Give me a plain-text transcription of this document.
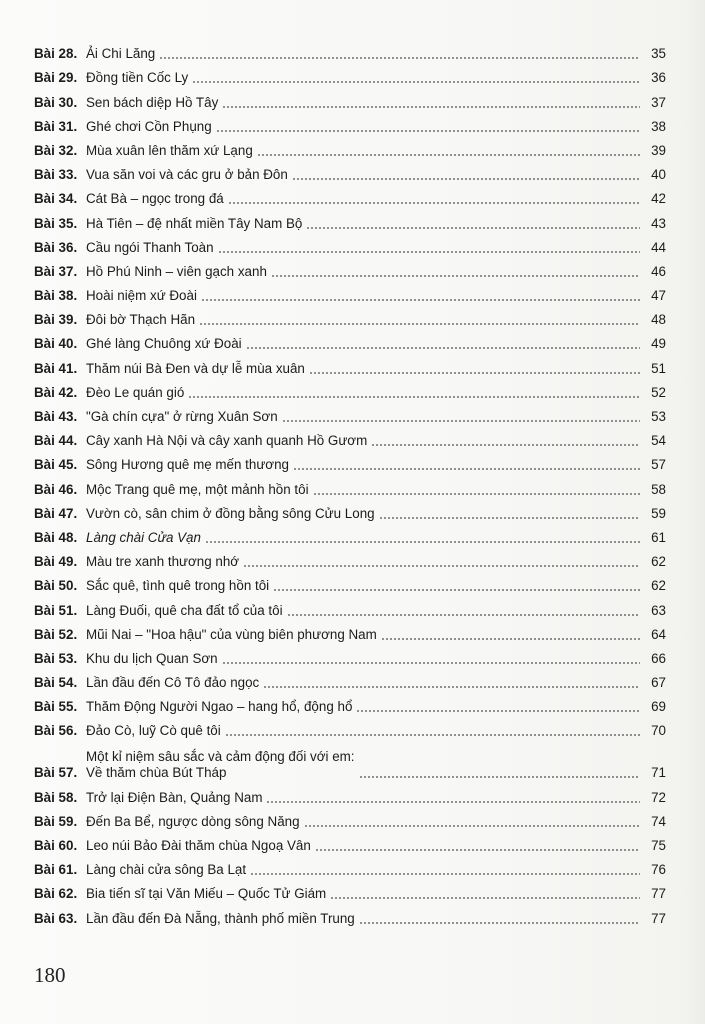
Bài 28. Ải Chi Lăng	35
Bài 29. Đồng tiền Cốc Ly	36
Bài 30. Sen bách diệp Hồ Tây	37
Bài 31. Ghé chơi Cồn Phụng	38
Bài 32. Mùa xuân lên thăm xứ Lạng	39
Bài 33. Vua săn voi và các gru ở bản Đôn	40
Bài 34. Cát Bà – ngọc trong đá	42
Bài 35. Hà Tiên – đệ nhất miền Tây Nam Bộ	43
Bài 36. Cầu ngói Thanh Toàn	44
Bài 37. Hồ Phú Ninh – viên gạch xanh	46
Bài 38. Hoài niệm xứ Đoài	47
Bài 39. Đôi bờ Thạch Hãn	48
Bài 40. Ghé làng Chuông xứ Đoài	49
Bài 41. Thăm núi Bà Đen và dự lễ mùa xuân	51
Bài 42. Đèo Le quán gió	52
Bài 43. "Gà chín cựa" ở rừng Xuân Sơn	53
Bài 44. Cây xanh Hà Nội và cây xanh quanh Hồ Gươm	54
Bài 45. Sông Hương quê mẹ mến thương	57
Bài 46. Mộc Trang quê mẹ, một mảnh hồn tôi	58
Bài 47. Vườn cò, sân chim ở đồng bằng sông Cửu Long	59
Bài 48. Làng chài Cửa Vạn	61
Bài 49. Màu tre xanh thương nhớ	62
Bài 50. Sắc quê, tình quê trong hồn tôi	62
Bài 51. Làng Đuối, quê cha đất tổ của tôi	63
Bài 52. Mũi Nai – "Hoa hậu" của vùng biên phương Nam	64
Bài 53. Khu du lịch Quan Sơn	66
Bài 54. Lần đầu đến Cô Tô đảo ngọc	67
Bài 55. Thăm Động Người Ngao – hang hổ, động hổ	69
Bài 56. Đảo Cò, luỹ Cò quê tôi	70
Bài 57.
Một kỉ niệm sâu sắc và cảm động đối với em:
Về thăm chùa Bút Tháp	71
Bài 58. Trở lại Điện Bàn, Quảng Nam	72
Bài 59. Đến Ba Bể, ngược dòng sông Năng	74
Bài 60. Leo núi Bảo Đài thăm chùa Ngoạ Vân	75
Bài 61. Làng chài cửa sông Ba Lạt	76
Bài 62. Bia tiến sĩ tại Văn Miếu – Quốc Tử Giám	77
Bài 63. Lần đầu đến Đà Nẵng, thành phố miền Trung	77
180
